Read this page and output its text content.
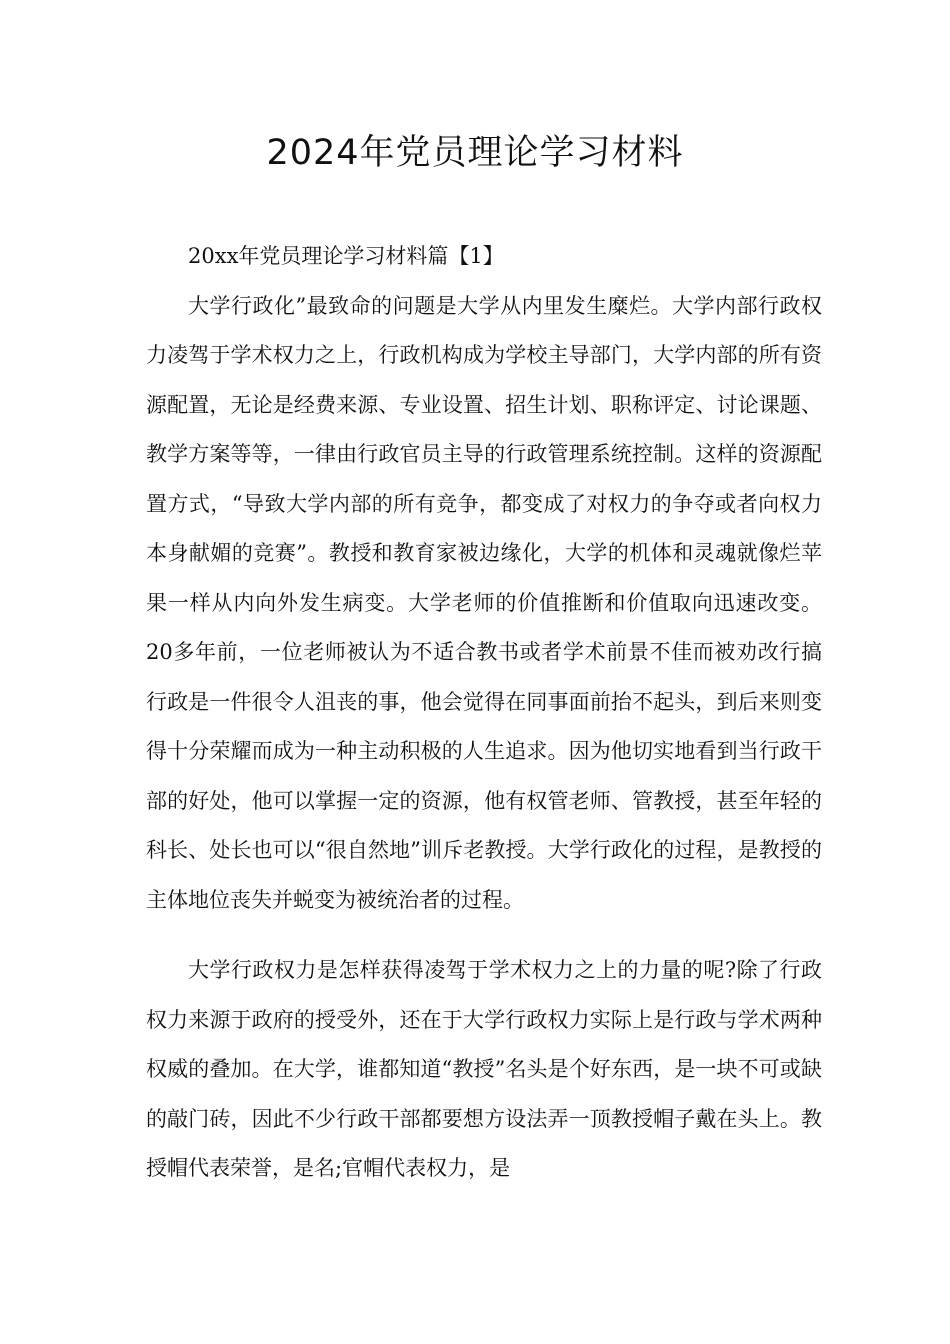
2024年党员理论学习材料

20xx年党员理论学习材料篇【1】

大学行政化”最致命的问题是大学从内里发生糜烂。大学内部行政权力凌驾于学术权力之上，行政机构成为学校主导部门，大学内部的所有资源配置，无论是经费来源、专业设置、招生计划、职称评定、讨论课题、教学方案等等，一律由行政官员主导的行政管理系统控制。这样的资源配置方式，“导致大学内部的所有竞争，都变成了对权力的争夺或者向权力本身献媚的竞赛”。教授和教育家被边缘化，大学的机体和灵魂就像烂苹果一样从内向外发生病变。大学老师的价值推断和价值取向迅速改变。20多年前，一位老师被认为不适合教书或者学术前景不佳而被劝改行搞行政是一件很令人沮丧的事，他会觉得在同事面前抬不起头，到后来则变得十分荣耀而成为一种主动积极的人生追求。因为他切实地看到当行政干部的好处，他可以掌握一定的资源，他有权管老师、管教授，甚至年轻的科长、处长也可以“很自然地”训斥老教授。大学行政化的过程，是教授的主体地位丧失并蜕变为被统治者的过程。

大学行政权力是怎样获得凌驾于学术权力之上的力量的呢?除了行政权力来源于政府的授受外，还在于大学行政权力实际上是行政与学术两种权威的叠加。在大学，谁都知道“教授”名头是个好东西，是一块不可或缺的敲门砖，因此不少行政干部都要想方设法弄一顶教授帽子戴在头上。教授帽代表荣誉，是名;官帽代表权力，是
